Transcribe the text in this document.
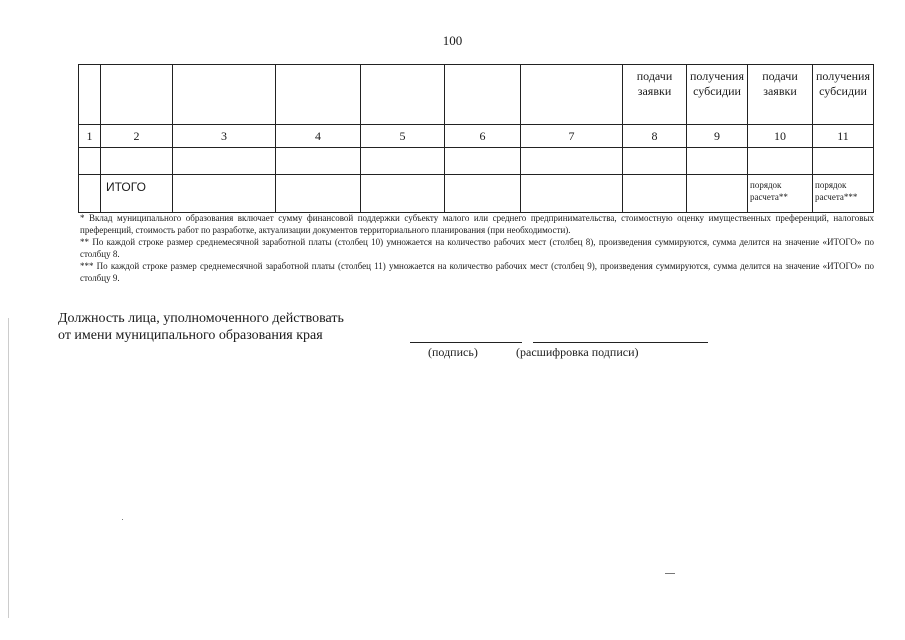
100
							подачи заявки	получения субсидии	подачи заявки	получения субсидии
1	2	3	4	5	6	7	8	9	10	11

	ИТОГО								порядок расчета**	порядок расчета***

* Вклад муниципального образования включает сумму финансовой поддержки субъекту малого или среднего предпринимательства, стоимостную оценку имущественных преференций, налоговых преференций, стоимость работ по разработке, актуализации документов территориального планирования (при необходимости).

** По каждой строке размер среднемесячной заработной платы (столбец 10) умножается на количество рабочих мест (столбец 8), произведения суммируются, сумма делится на значение «ИТОГО» по столбцу 8.

*** По каждой строке размер среднемесячной заработной платы (столбец 11) умножается на количество рабочих мест (столбец 9), произведения суммируются, сумма делится на значение «ИТОГО» по столбцу 9.

Должность лица, уполномоченного действовать
от имени муниципального образования края
(подпись)	(расшифровка подписи)
